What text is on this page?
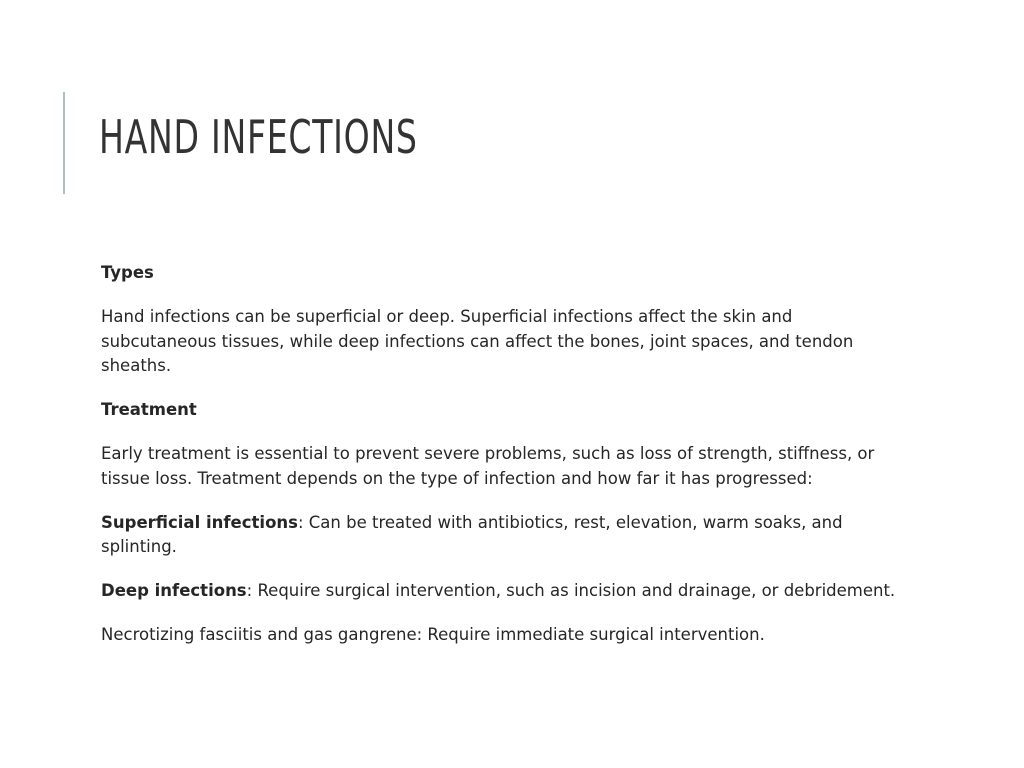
HAND INFECTIONS

Types

Hand infections can be superficial or deep. Superficial infections affect the skin and subcutaneous tissues, while deep infections can affect the bones, joint spaces, and tendon sheaths.

Treatment

Early treatment is essential to prevent severe problems, such as loss of strength, stiffness, or tissue loss. Treatment depends on the type of infection and how far it has progressed:

Superficial infections: Can be treated with antibiotics, rest, elevation, warm soaks, and splinting.

Deep infections: Require surgical intervention, such as incision and drainage, or debridement.

Necrotizing fasciitis and gas gangrene: Require immediate surgical intervention.
